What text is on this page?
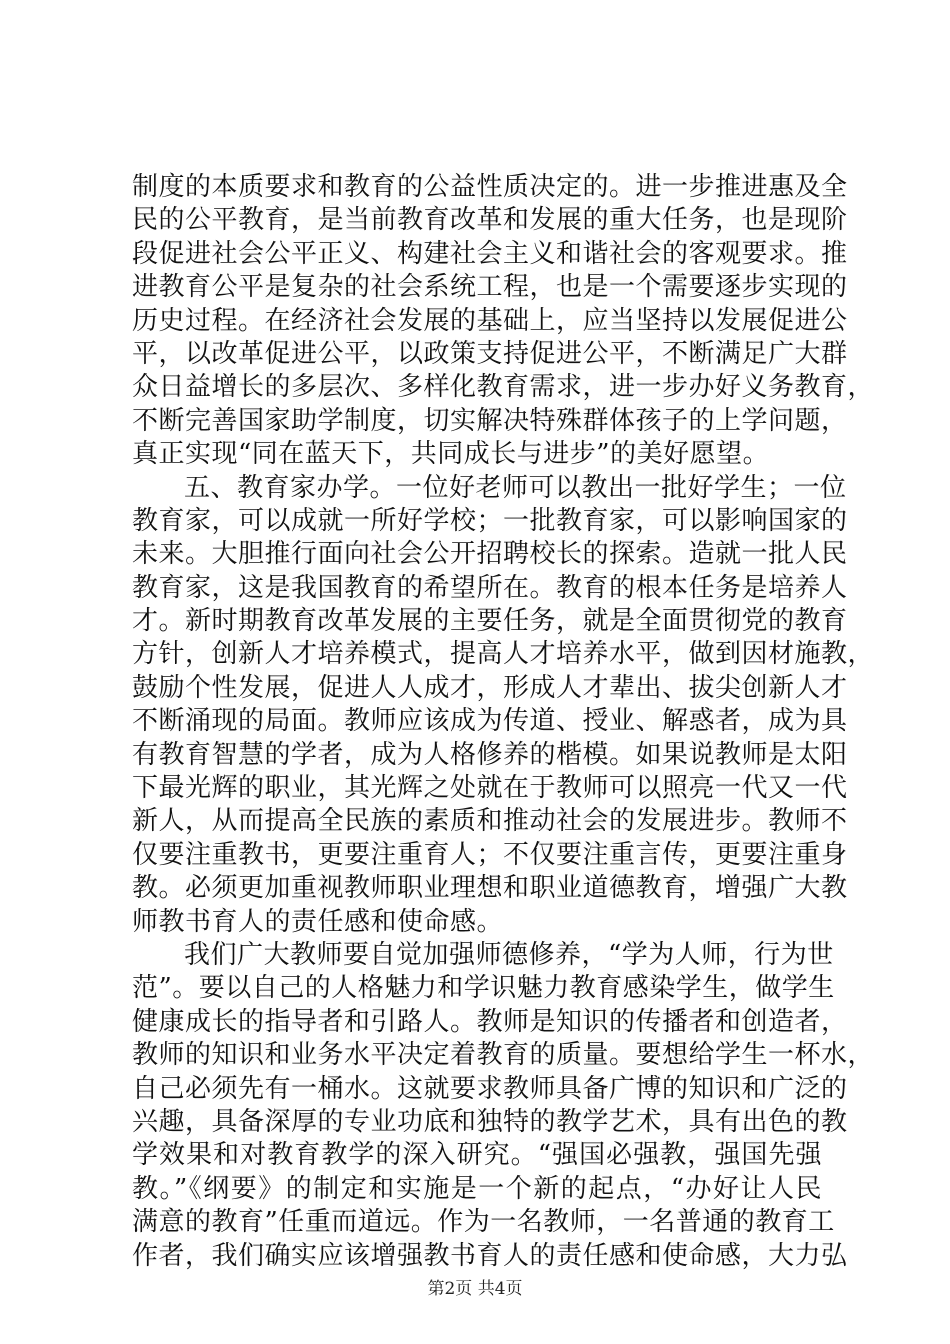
制度的本质要求和教育的公益性质决定的。进一步推进惠及全
民的公平教育，是当前教育改革和发展的重大任务，也是现阶
段促进社会公平正义、构建社会主义和谐社会的客观要求。推
进教育公平是复杂的社会系统工程，也是一个需要逐步实现的
历史过程。在经济社会发展的基础上，应当坚持以发展促进公
平，以改革促进公平，以政策支持促进公平，不断满足广大群
众日益增长的多层次、多样化教育需求，进一步办好义务教育，
不断完善国家助学制度，切实解决特殊群体孩子的上学问题，
真正实现“同在蓝天下，共同成长与进步”的美好愿望。
五、教育家办学。一位好老师可以教出一批好学生；一位
教育家，可以成就一所好学校；一批教育家，可以影响国家的
未来。大胆推行面向社会公开招聘校长的探索。造就一批人民
教育家，这是我国教育的希望所在。教育的根本任务是培养人
才。新时期教育改革发展的主要任务，就是全面贯彻党的教育
方针，创新人才培养模式，提高人才培养水平，做到因材施教，
鼓励个性发展，促进人人成才，形成人才辈出、拔尖创新人才
不断涌现的局面。教师应该成为传道、授业、解惑者，成为具
有教育智慧的学者，成为人格修养的楷模。如果说教师是太阳
下最光辉的职业，其光辉之处就在于教师可以照亮一代又一代
新人，从而提高全民族的素质和推动社会的发展进步。教师不
仅要注重教书，更要注重育人；不仅要注重言传，更要注重身
教。必须更加重视教师职业理想和职业道德教育，增强广大教
师教书育人的责任感和使命感。
我们广大教师要自觉加强师德修养，“学为人师，行为世
范”。要以自己的人格魅力和学识魅力教育感染学生，做学生
健康成长的指导者和引路人。教师是知识的传播者和创造者，
教师的知识和业务水平决定着教育的质量。要想给学生一杯水，
自己必须先有一桶水。这就要求教师具备广博的知识和广泛的
兴趣，具备深厚的专业功底和独特的教学艺术，具有出色的教
学效果和对教育教学的深入研究。“强国必强教，强国先强
教。”《纲要》的制定和实施是一个新的起点，“办好让人民
满意的教育”任重而道远。作为一名教师，一名普通的教育工
作者，我们确实应该增强教书育人的责任感和使命感，大力弘
第2页 共4页
